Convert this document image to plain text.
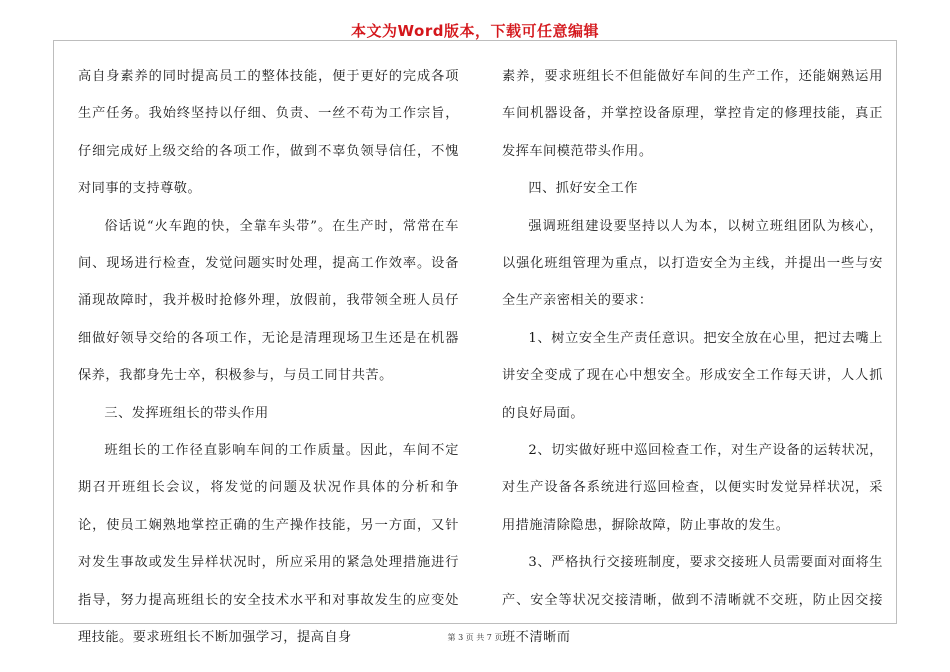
本文为Word版本，下载可任意编辑

高自身素养的同时提高员工的整体技能，便于更好的完成各项生产任务。我始终坚持以仔细、负责、一丝不苟为工作宗旨，仔细完成好上级交给的各项工作，做到不辜负领导信任，不愧对同事的支持尊敬。

俗话说“火车跑的快，全靠车头带”。在生产时，常常在车间、现场进行检查，发觉问题实时处理，提高工作效率。设备涌现故障时，我并极时抢修外理，放假前，我带领全班人员仔细做好领导交给的各项工作，无论是清理现场卫生还是在机器保养，我都身先士卒，积极参与，与员工同甘共苦。

三、发挥班组长的带头作用

班组长的工作径直影响车间的工作质量。因此，车间不定期召开班组长会议，将发觉的问题及状况作具体的分析和争论，使员工娴熟地掌控正确的生产操作技能，另一方面，又针对发生事故或发生异样状况时，所应采用的紧急处理措施进行指导，努力提高班组长的安全技术水平和对事故发生的应变处理技能。要求班组长不断加强学习，提高自身

素养，要求班组长不但能做好车间的生产工作，还能娴熟运用车间机器设备，并掌控设备原理，掌控肯定的修理技能，真正发挥车间模范带头作用。

四、抓好安全工作

强调班组建设要坚持以人为本，以树立班组团队为核心，以强化班组管理为重点，以打造安全为主线，并提出一些与安全生产亲密相关的要求：

1、树立安全生产责任意识。把安全放在心里，把过去嘴上讲安全变成了现在心中想安全。形成安全工作每天讲，人人抓的良好局面。

2、切实做好班中巡回检查工作，对生产设备的运转状况，对生产设备各系统进行巡回检查，以便实时发觉异样状况，采用措施清除隐患，摒除故障，防止事故的发生。

3、严格执行交接班制度，要求交接班人员需要面对面将生产、安全等状况交接清晰，做到不清晰就不交班，防止因交接班不清晰而

第 3 页 共 7 页
